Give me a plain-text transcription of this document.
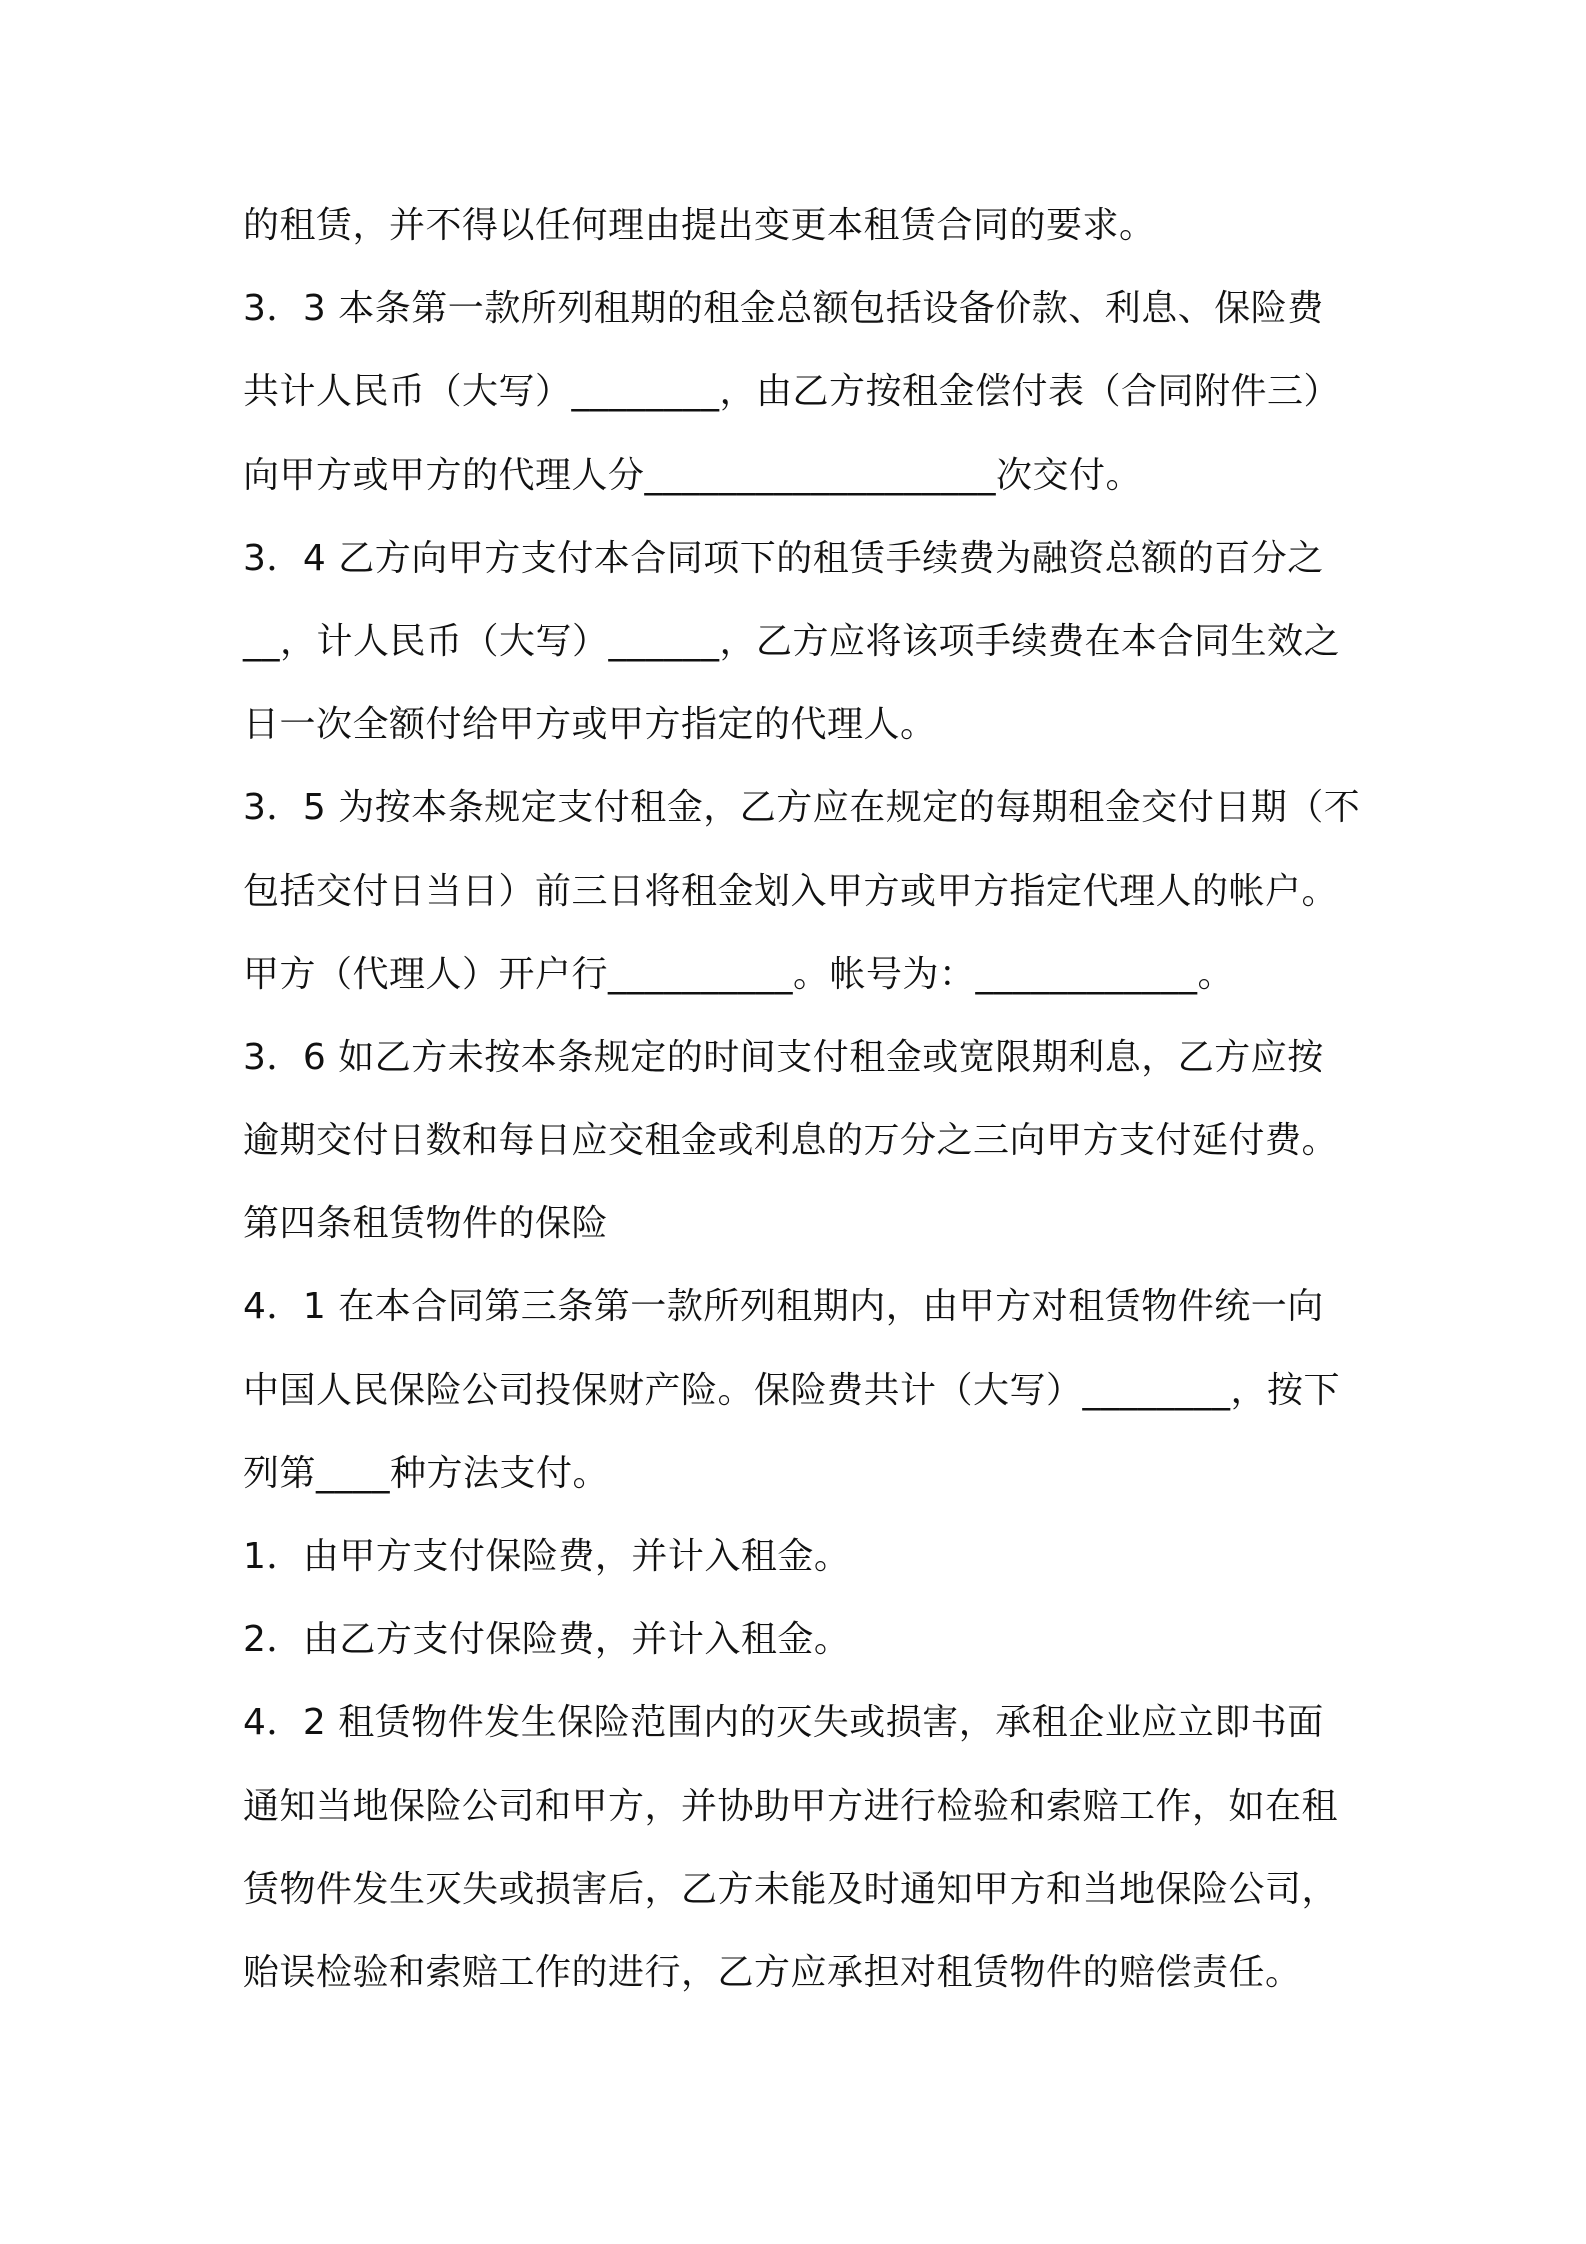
的租赁，并不得以任何理由提出变更本租赁合同的要求。
3．3 本条第一款所列租期的租金总额包括设备价款、利息、保险费
共计人民币（大写）________，由乙方按租金偿付表（合同附件三）
向甲方或甲方的代理人分___________________次交付。
3．4 乙方向甲方支付本合同项下的租赁手续费为融资总额的百分之
__，计人民币（大写）______，乙方应将该项手续费在本合同生效之
日一次全额付给甲方或甲方指定的代理人。
3．5 为按本条规定支付租金，乙方应在规定的每期租金交付日期（不
包括交付日当日）前三日将租金划入甲方或甲方指定代理人的帐户。
甲方（代理人）开户行__________。帐号为：____________。
3．6 如乙方未按本条规定的时间支付租金或宽限期利息，乙方应按
逾期交付日数和每日应交租金或利息的万分之三向甲方支付延付费。
第四条租赁物件的保险
4．1 在本合同第三条第一款所列租期内，由甲方对租赁物件统一向
中国人民保险公司投保财产险。保险费共计（大写）________，按下
列第____种方法支付。
1．由甲方支付保险费，并计入租金。
2．由乙方支付保险费，并计入租金。
4．2 租赁物件发生保险范围内的灭失或损害，承租企业应立即书面
通知当地保险公司和甲方，并协助甲方进行检验和索赔工作，如在租
赁物件发生灭失或损害后，乙方未能及时通知甲方和当地保险公司，
贻误检验和索赔工作的进行，乙方应承担对租赁物件的赔偿责任。
